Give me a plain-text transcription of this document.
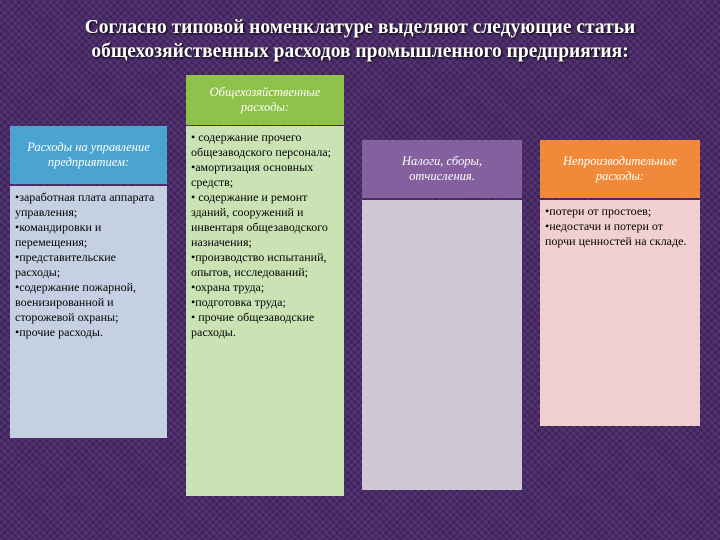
Согласно типовой номенклатуре выделяют следующие статьи общехозяйственных расходов промышленного предприятия:
Общехозяйственные расходы:
Расходы на управление предприятием:

•заработная плата аппарата управления;

•командировки и перемещения;

•представительские расходы;

•содержание пожарной, военизированной и сторожевой охраны;

•прочие расходы.

• содержание прочего общезаводского персонала;

•амортизация основных средств;

• содержание и ремонт зданий, сооружений и инвентаря общезаводского назначения;

•производство испытаний, опытов, исследований;

•охрана труда;

•подготовка труда;

• прочие общезаводские расходы.

Налоги, сборы, отчисления.
Непроизводительные расходы:

•потери от простоев;

•недостачи и потери от порчи ценностей на складе.
